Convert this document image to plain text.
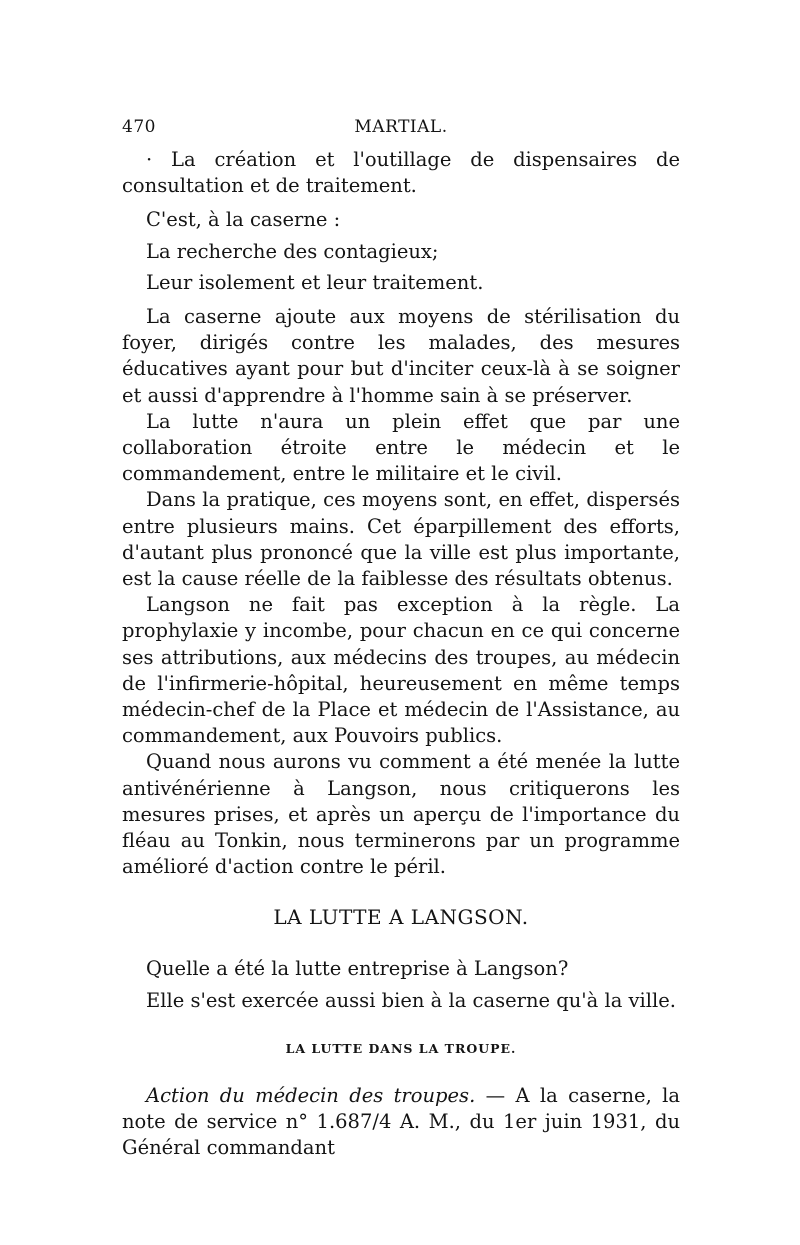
470	MARTIAL.

· La création et l'outillage de dispensaires de consultation et de traitement.

C'est, à la caserne :

La recherche des contagieux;

Leur isolement et leur traitement.

La caserne ajoute aux moyens de stérilisation du foyer, dirigés contre les malades, des mesures éducatives ayant pour but d'inciter ceux-là à se soigner et aussi d'apprendre à l'homme sain à se préserver.

La lutte n'aura un plein effet que par une collaboration étroite entre le médecin et le commandement, entre le militaire et le civil.

Dans la pratique, ces moyens sont, en effet, dispersés entre plusieurs mains. Cet éparpillement des efforts, d'autant plus prononcé que la ville est plus importante, est la cause réelle de la faiblesse des résultats obtenus.

Langson ne fait pas exception à la règle. La prophylaxie y incombe, pour chacun en ce qui concerne ses attributions, aux médecins des troupes, au médecin de l'infirmerie-hôpital, heureusement en même temps médecin-chef de la Place et médecin de l'Assistance, au commandement, aux Pouvoirs publics.

Quand nous aurons vu comment a été menée la lutte antivénérienne à Langson, nous critiquerons les mesures prises, et après un aperçu de l'importance du fléau au Tonkin, nous terminerons par un programme amélioré d'action contre le péril.

LA LUTTE A LANGSON.

Quelle a été la lutte entreprise à Langson?

Elle s'est exercée aussi bien à la caserne qu'à la ville.

LA LUTTE DANS LA TROUPE.

Action du médecin des troupes. — A la caserne, la note de service n° 1.687/4 A. M., du 1er juin 1931, du Général commandant
